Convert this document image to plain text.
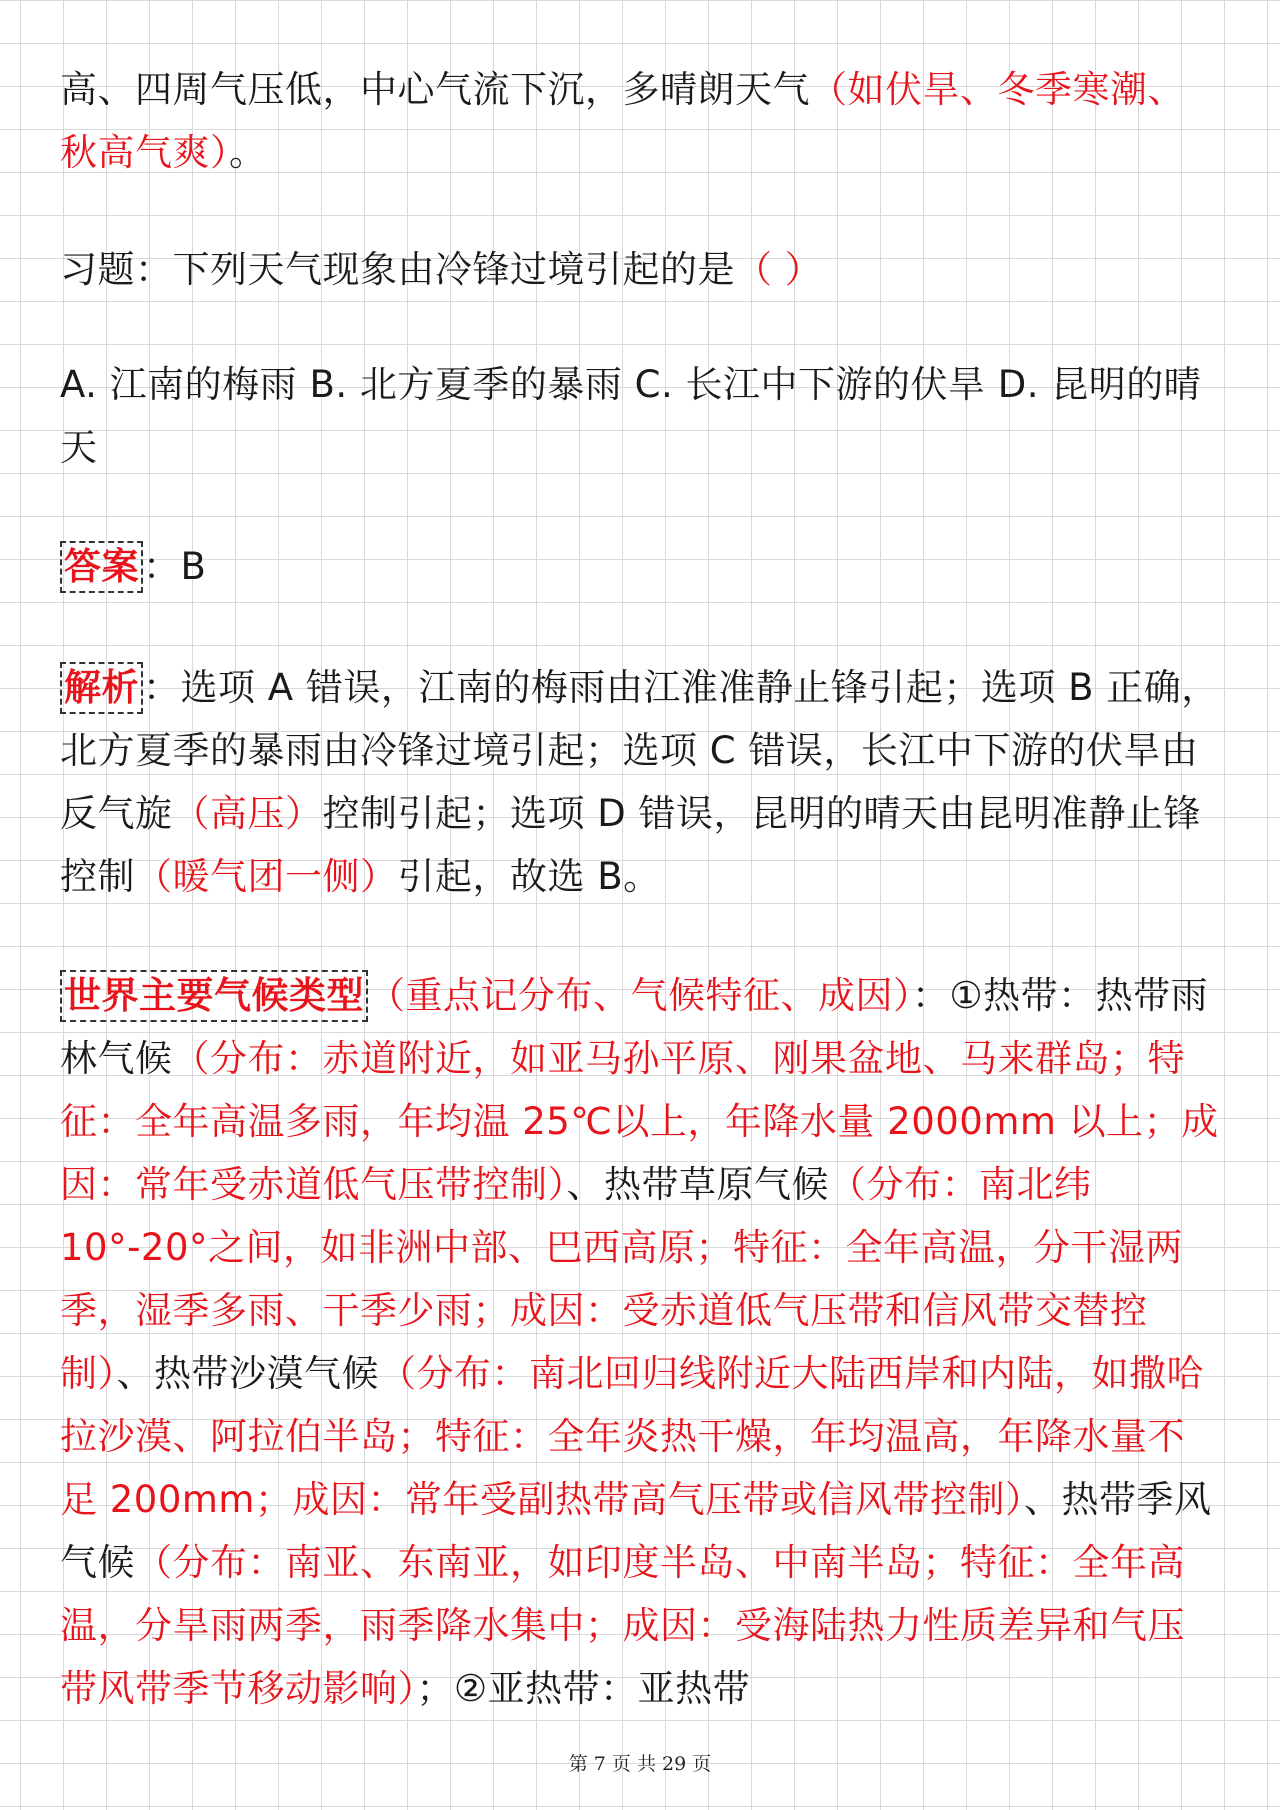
高、四周气压低，中心气流下沉，多晴朗天气（如伏旱、冬季寒潮、秋高气爽）。

习题：下列天气现象由冷锋过境引起的是（ ）

A. 江南的梅雨 B. 北方夏季的暴雨 C. 长江中下游的伏旱 D. 昆明的晴天

答案 ：B

解析 ：选项 A 错误，江南的梅雨由江淮准静止锋引起；选项 B 正确，北方夏季的暴雨由冷锋过境引起；选项 C 错误，长江中下游的伏旱由反气旋（高压）控制引起；选项 D 错误，昆明的晴天由昆明准静止锋控制（暖气团一侧）引起，故选 B。

世界主要气候类型 （重点记分布、气候特征、成因）：①热带：热带雨林气候（分布：赤道附近，如亚马孙平原、刚果盆地、马来群岛；特征：全年高温多雨，年均温 25℃以上，年降水量 2000mm 以上；成因：常年受赤道低气压带控制）、热带草原气候（分布：南北纬 10°-20°之间，如非洲中部、巴西高原；特征：全年高温，分干湿两季，湿季多雨、干季少雨；成因：受赤道低气压带和信风带交替控制）、热带沙漠气候（分布：南北回归线附近大陆西岸和内陆，如撒哈拉沙漠、阿拉伯半岛；特征：全年炎热干燥，年均温高，年降水量不足 200mm；成因：常年受副热带高气压带或信风带控制）、热带季风气候（分布：南亚、东南亚，如印度半岛、中南半岛；特征：全年高温，分旱雨两季，雨季降水集中；成因：受海陆热力性质差异和气压带风带季节移动影响）；②亚热带：亚热带

第 7 页 共 29 页
